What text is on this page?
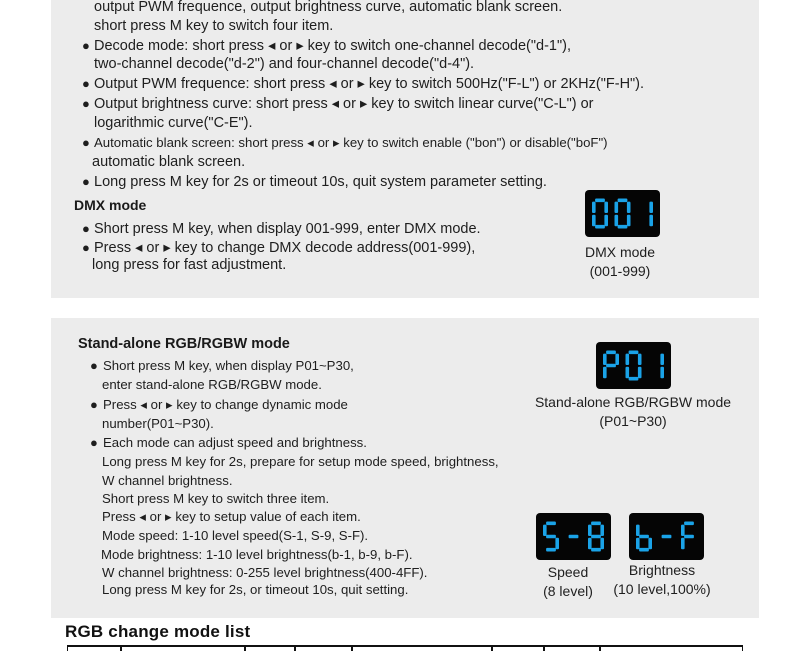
output PWM frequence, output brightness curve, automatic blank screen.
short press M key to switch four item.
● Decode mode: short press ◂ or ▸ key to switch one-channel decode("d-1"),
two-channel decode("d-2") and four-channel decode("d-4").
● Output PWM frequence: short press ◂ or ▸ key to switch 500Hz("F-L") or 2KHz("F-H").
● Output brightness curve: short press ◂ or ▸ key to switch linear curve("C-L") or
logarithmic curve("C-E").
● Automatic blank screen: short press ◂ or ▸ key to switch enable ("bon") or disable("boF")
automatic blank screen.
● Long press M key for 2s or timeout 10s, quit system parameter setting.
DMX mode
● Short press M key, when display 001-999, enter DMX mode.
● Press ◂ or ▸ key to change DMX decode address(001-999),
long press for fast adjustment.
DMX mode
(001-999)
Stand-alone RGB/RGBW mode
● Short press M key, when display P01~P30,
enter stand-alone RGB/RGBW mode.
● Press ◂ or ▸ key to change dynamic mode
number(P01~P30).
● Each mode can adjust speed and brightness.
Long press M key for 2s, prepare for setup mode speed, brightness,
W channel brightness.
Short press M key to switch three item.
Press ◂ or ▸ key to setup value of each item.
Mode speed: 1-10 level speed(S-1, S-9, S-F).
Mode brightness: 1-10 level brightness(b-1, b-9, b-F).
W channel brightness: 0-255 level brightness(400-4FF).
Long press M key for 2s, or timeout 10s, quit setting.
Stand-alone RGB/RGBW mode
(P01~P30)
Speed
(8 level)
Brightness
(10 level,100%)
RGB change mode list
